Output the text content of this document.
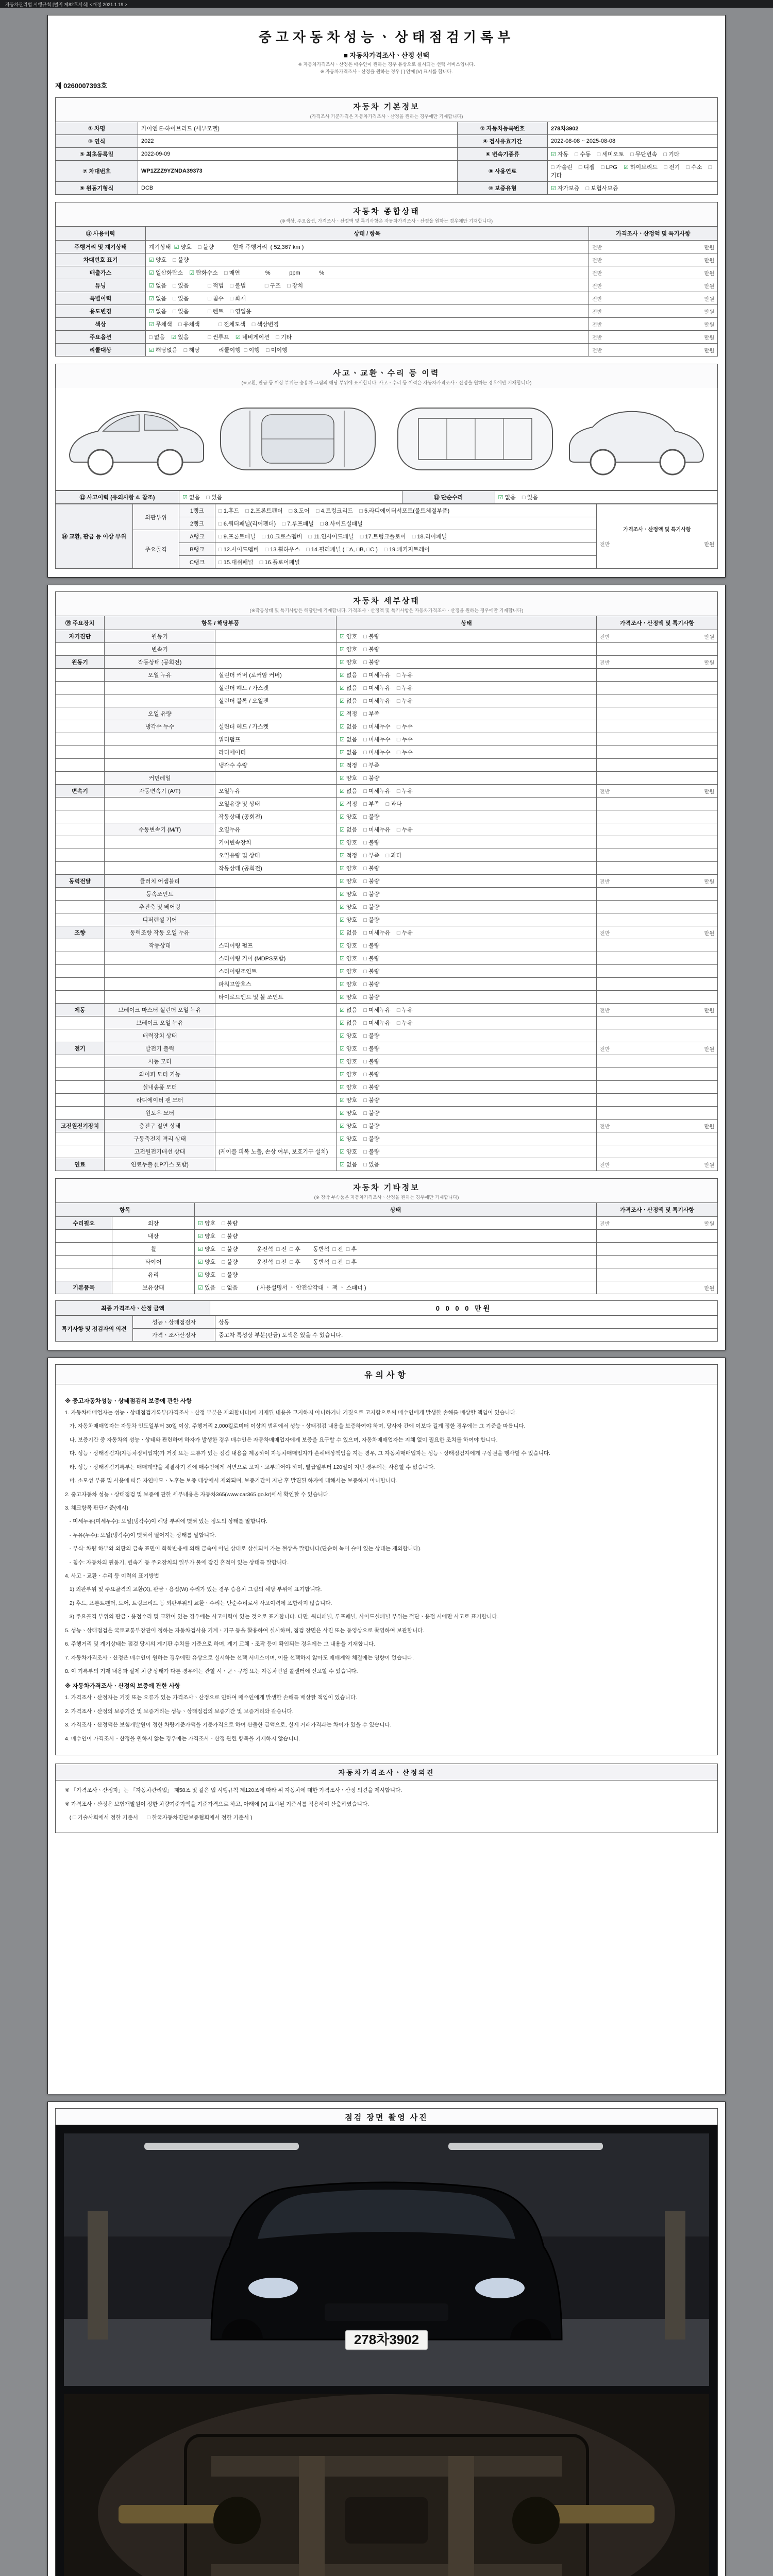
자동차관리법 시행규칙 [별지 제82호서식] <개정 2021.1.19.>
중고자동차성능ㆍ상태점검기록부
■ 자동차가격조사ㆍ산정 선택
※ 자동차가격조사ㆍ산정은 매수인이 원하는 경우 유상으로 실시되는 선택 서비스입니다.
※ 자동차가격조사ㆍ산정을 원하는 경우 [ ] 안에 [V] 표시를 합니다.
제 0260007393호
자동차 기본정보
(가격조사 기준가격은 자동차가격조사ㆍ산정을 원하는 경우에만 기재합니다)
① 차명	카이엔 E-하이브리드 (세부모델)	② 자동차등록번호	278차3902
③ 연식	2022	④ 검사유효기간	2022-08-08 ~ 2025-08-08
⑤ 최초등록일	2022-09-09	⑥ 변속기종류	☑ 자동    □ 수동    □ 세미오토    □ 무단변속    □ 기타
⑦ 차대번호	WP1ZZZ9YZNDA39373	⑧ 사용연료	□ 가솔린    □ 디젤    □ LPG    ☑ 하이브리드    □ 전기    □ 수소    □ 기타
⑨ 원동기형식	DCB	⑩ 보증유형	☑ 자가보증    □ 보험사보증
자동차 종합상태
(※색상, 주요옵션, 가격조사ㆍ산정액 및 특기사항은 자동차가격조사ㆍ산정을 원하는 경우에만 기재합니다)
⑪ 사용이력	상태 / 항목	가격조사ㆍ산정액 및 특기사항
주행거리 및 계기상태	계기상태  ☑ 양호    □ 불량            현재 주행거리  ( 52,367 km )	전반 만원

차대번호 표기	☑ 양호    □ 불량	전반 만원

배출가스	☑ 일산화탄소    ☑ 탄화수소    □ 매연                %            ppm            %	전반 만원

튜닝	☑ 없음    □ 있음            □ 적법    □ 불법            □ 구조    □ 장치	전반 만원

특별이력	☑ 없음    □ 있음            □ 침수    □ 화재	전반 만원

용도변경	☑ 없음    □ 있음            □ 렌트    □ 영업용	전반 만원

색상	☑ 무채색    □ 유채색            □ 전체도색    □ 색상변경	전반 만원

주요옵션	□ 없음    ☑ 있음            □ 썬루프    ☑ 네비게이션    □ 기타	전반 만원

리콜대상	☑ 해당없음    □ 해당            리콜이행  □ 이행    □ 미이행	전반 만원
사고ㆍ교환ㆍ수리 등 이력
(※교환, 판금 등 이상 부위는 승용차 그림의 해당 부위에 표시합니다. 사고ㆍ수리 등 이력은 자동차가격조사ㆍ산정을 원하는 경우에만 기재합니다)
⑫ 사고이력 (유의사항 4. 참조)	☑ 없음    □ 있음	⑬ 단순수리	☑ 없음    □ 있음
⑭ 교환, 판금 등 이상 부위	외판부위	1랭크	□ 1.후드    □ 2.프론트펜더    □ 3.도어    □ 4.트렁크리드    □ 5.라디에이터서포트(볼트체결부품)	가격조사ㆍ산정액 및 특기사항
전반 만원

		2랭크	□ 6.쿼터패널(리어펜더)    □ 7.루프패널    □ 8.사이드실패널	
	주요골격	A랭크	□ 9.프론트패널    □ 10.크로스멤버    □ 11.인사이드패널    □ 17.트렁크플로어    □ 18.리어패널	
		B랭크	□ 12.사이드멤버    □ 13.휠하우스    □ 14.필러패널 ( □A, □B, □C )    □ 19.패키지트레이	
		C랭크	□ 15.대쉬패널    □ 16.플로어패널	
자동차 세부상태
(※작동상태 및 특기사항은 해당란에 기재합니다. 가격조사ㆍ산정액 및 특기사항은 자동차가격조사ㆍ산정을 원하는 경우에만 기재합니다)
⑮ 주요장치	항목 / 해당부품		상태	가격조사ㆍ산정액 및 특기사항
자기진단	원동기		☑ 양호    □ 불량	전반 만원

	변속기		☑ 양호    □ 불량	

원동기	작동상태 (공회전)		☑ 양호    □ 불량	전반 만원

	오일 누유	실린더 커버 (로커암 커버)	☑ 없음    □ 미세누유    □ 누유	

		실린더 헤드 / 가스켓	☑ 없음    □ 미세누유    □ 누유	

		실린더 블록 / 오일팬	☑ 없음    □ 미세누유    □ 누유	

	오일 유량		☑ 적정    □ 부족	

	냉각수 누수	실린더 헤드 / 가스켓	☑ 없음    □ 미세누수    □ 누수	

		워터펌프	☑ 없음    □ 미세누수    □ 누수	

		라디에이터	☑ 없음    □ 미세누수    □ 누수	

		냉각수 수량	☑ 적정    □ 부족	

	커먼레일		☑ 양호    □ 불량	

변속기	자동변속기 (A/T)	오일누유	☑ 없음    □ 미세누유    □ 누유	전반 만원

		오일유량 및 상태	☑ 적정    □ 부족    □ 과다	

		작동상태 (공회전)	☑ 양호    □ 불량	

	수동변속기 (M/T)	오일누유	☑ 없음    □ 미세누유    □ 누유	

		기어변속장치	☑ 양호    □ 불량	

		오일유량 및 상태	☑ 적정    □ 부족    □ 과다	

		작동상태 (공회전)	☑ 양호    □ 불량	

동력전달	클러치 어셈블리		☑ 양호    □ 불량	전반 만원

	등속조인트		☑ 양호    □ 불량	

	추진축 및 베어링		☑ 양호    □ 불량	

	디퍼렌셜 기어		☑ 양호    □ 불량	

조향	동력조향 작동 오일 누유		☑ 없음    □ 미세누유    □ 누유	전반 만원

	작동상태	스티어링 펌프	☑ 양호    □ 불량	

		스티어링 기어 (MDPS포함)	☑ 양호    □ 불량	

		스티어링조인트	☑ 양호    □ 불량	

		파워고압호스	☑ 양호    □ 불량	

		타이로드엔드 및 볼 조인트	☑ 양호    □ 불량	

제동	브레이크 마스터 실린더 오일 누유		☑ 없음    □ 미세누유    □ 누유	전반 만원

	브레이크 오일 누유		☑ 없음    □ 미세누유    □ 누유	

	배력장치 상태		☑ 양호    □ 불량	

전기	발전기 출력		☑ 양호    □ 불량	전반 만원

	시동 모터		☑ 양호    □ 불량	

	와이퍼 모터 기능		☑ 양호    □ 불량	

	실내송풍 모터		☑ 양호    □ 불량	

	라디에이터 팬 모터		☑ 양호    □ 불량	

	윈도우 모터		☑ 양호    □ 불량	

고전원전기장치	충전구 절연 상태		☑ 양호    □ 불량	전반 만원

	구동축전지 격리 상태		☑ 양호    □ 불량	

	고전원전기배선 상태	(케이블 피복 노출, 손상 여부, 보호기구 설치)	☑ 양호    □ 불량	

연료	연료누출 (LP가스 포함)		☑ 없음    □ 있음	전반 만원
자동차 기타정보
(※ 장착 부속품은 자동차가격조사ㆍ산정을 원하는 경우에만 기재합니다)
항목		상태	가격조사ㆍ산정액 및 특기사항
수리필요	외장	☑ 양호    □ 불량	전반 만원

	내장	☑ 양호    □ 불량	

	휠	☑ 양호    □ 불량            운전석  □ 전  □ 후        동반석  □ 전  □ 후	

	타이어	☑ 양호    □ 불량            운전석  □ 전  □ 후        동반석  □ 전  □ 후	

	유리	☑ 양호    □ 불량	

기본품목	보유상태	☑ 있음    □ 없음            ( 사용설명서 ㆍ 안전삼각대 ㆍ 잭 ㆍ 스패너 )	만원
최종 가격조사ㆍ산정 금액	0 0 0 0 만원
특기사항 및 점검자의 의견	성능ㆍ상태점검자	상동
	가격ㆍ조사산정자	중고차 특성상 부분(판금) 도색은 있을 수 있습니다.
유의사항
※ 중고자동차성능ㆍ상태점검의 보증에 관한 사항

1. 자동차매매업자는 성능ㆍ상태점검기록부(가격조사ㆍ산정 부분은 제외합니다)에 기재된 내용을 고지하지 아니하거나 거짓으로 고지함으로써 매수인에게 발생한 손해를 배상할 책임이 있습니다.

가. 자동차매매업자는 자동차 인도일부터 30일 이상, 주행거리 2,000킬로미터 이상의 범위에서 성능ㆍ상태점검 내용을 보증하여야 하며, 당사자 간에 이보다 길게 정한 경우에는 그 기준을 따릅니다.

나. 보증기간 중 자동차의 성능ㆍ상태와 관련하여 하자가 발생한 경우 매수인은 자동차매매업자에게 보증을 요구할 수 있으며, 자동차매매업자는 지체 없이 필요한 조치를 하여야 합니다.

다. 성능ㆍ상태점검자(자동차정비업자)가 거짓 또는 오류가 있는 점검 내용을 제공하여 자동차매매업자가 손해배상책임을 지는 경우, 그 자동차매매업자는 성능ㆍ상태점검자에게 구상권을 행사할 수 있습니다.

라. 성능ㆍ상태점검기록부는 매매계약을 체결하기 전에 매수인에게 서면으로 고지ㆍ교부되어야 하며, 발급일부터 120일이 지난 경우에는 사용할 수 없습니다.

마. 소모성 부품 및 사용에 따른 자연마모ㆍ노후는 보증 대상에서 제외되며, 보증기간이 지난 후 발견된 하자에 대해서는 보증하지 아니합니다.

2. 중고자동차 성능ㆍ상태점검 및 보증에 관한 세부내용은 자동차365(www.car365.go.kr)에서 확인할 수 있습니다.

3. 체크항목 판단기준(예시)

- 미세누유(미세누수): 오일(냉각수)이 해당 부위에 맺혀 있는 정도의 상태를 말합니다.

- 누유(누수): 오일(냉각수)이 맺혀서 떨어지는 상태를 말합니다.

- 부식: 차량 하부와 외판의 금속 표면이 화학반응에 의해 금속이 아닌 상태로 상실되어 가는 현상을 말합니다(단순히 녹이 슬어 있는 상태는 제외합니다).

- 침수: 자동차의 원동기, 변속기 등 주요장치의 일부가 물에 잠긴 흔적이 있는 상태를 말합니다.

4. 사고ㆍ교환ㆍ수리 등 이력의 표기방법

1) 외판부위 및 주요골격의 교환(X), 판금ㆍ용접(W) 수리가 있는 경우 승용차 그림의 해당 부위에 표기합니다.

2) 후드, 프론트펜더, 도어, 트렁크리드 등 외판부위의 교환ㆍ수리는 단순수리로서 사고이력에 포함하지 않습니다.

3) 주요골격 부위의 판금ㆍ용접수리 및 교환이 있는 경우에는 사고이력이 있는 것으로 표기합니다. 다만, 쿼터패널, 루프패널, 사이드실패널 부위는 절단ㆍ용접 시에만 사고로 표기합니다.

5. 성능ㆍ상태점검은 국토교통부장관이 정하는 자동차검사용 기계ㆍ기구 등을 활용하여 실시하며, 점검 장면은 사진 또는 동영상으로 촬영하여 보관합니다.

6. 주행거리 및 계기상태는 점검 당시의 계기판 수치를 기준으로 하며, 계기 교체ㆍ조작 등이 확인되는 경우에는 그 내용을 기재합니다.

7. 자동차가격조사ㆍ산정은 매수인이 원하는 경우에만 유상으로 실시하는 선택 서비스이며, 이를 선택하지 않아도 매매계약 체결에는 영향이 없습니다.

8. 이 기록부의 기재 내용과 실제 차량 상태가 다른 경우에는 관할 시ㆍ군ㆍ구청 또는 자동차민원 콜센터에 신고할 수 있습니다.

※ 자동차가격조사ㆍ산정의 보증에 관한 사항

1. 가격조사ㆍ산정자는 거짓 또는 오류가 있는 가격조사ㆍ산정으로 인하여 매수인에게 발생한 손해를 배상할 책임이 있습니다.

2. 가격조사ㆍ산정의 보증기간 및 보증거리는 성능ㆍ상태점검의 보증기간 및 보증거리와 같습니다.

3. 가격조사ㆍ산정액은 보험개발원이 정한 차량기준가액을 기준가격으로 하여 산출한 금액으로, 실제 거래가격과는 차이가 있을 수 있습니다.

4. 매수인이 가격조사ㆍ산정을 원하지 않는 경우에는 가격조사ㆍ산정 관련 항목을 기재하지 않습니다.

자동차가격조사ㆍ산정의견

※ 「가격조사ㆍ산정자」는 「자동차관리법」 제58조 및 같은 법 시행규칙 제120조에 따라 위 자동차에 대한 가격조사ㆍ산정 의견을 제시합니다.

※ 가격조사ㆍ산정은 보험개발원이 정한 차량기준가액을 기준가격으로 하고, 아래에 [V] 표시된 기준서를 적용하여 산출하였습니다.

( □ 기술사회에서 정한 기준서      □ 한국자동차진단보증협회에서 정한 기준서 )

점검 장면 촬영 사진
278차3902
